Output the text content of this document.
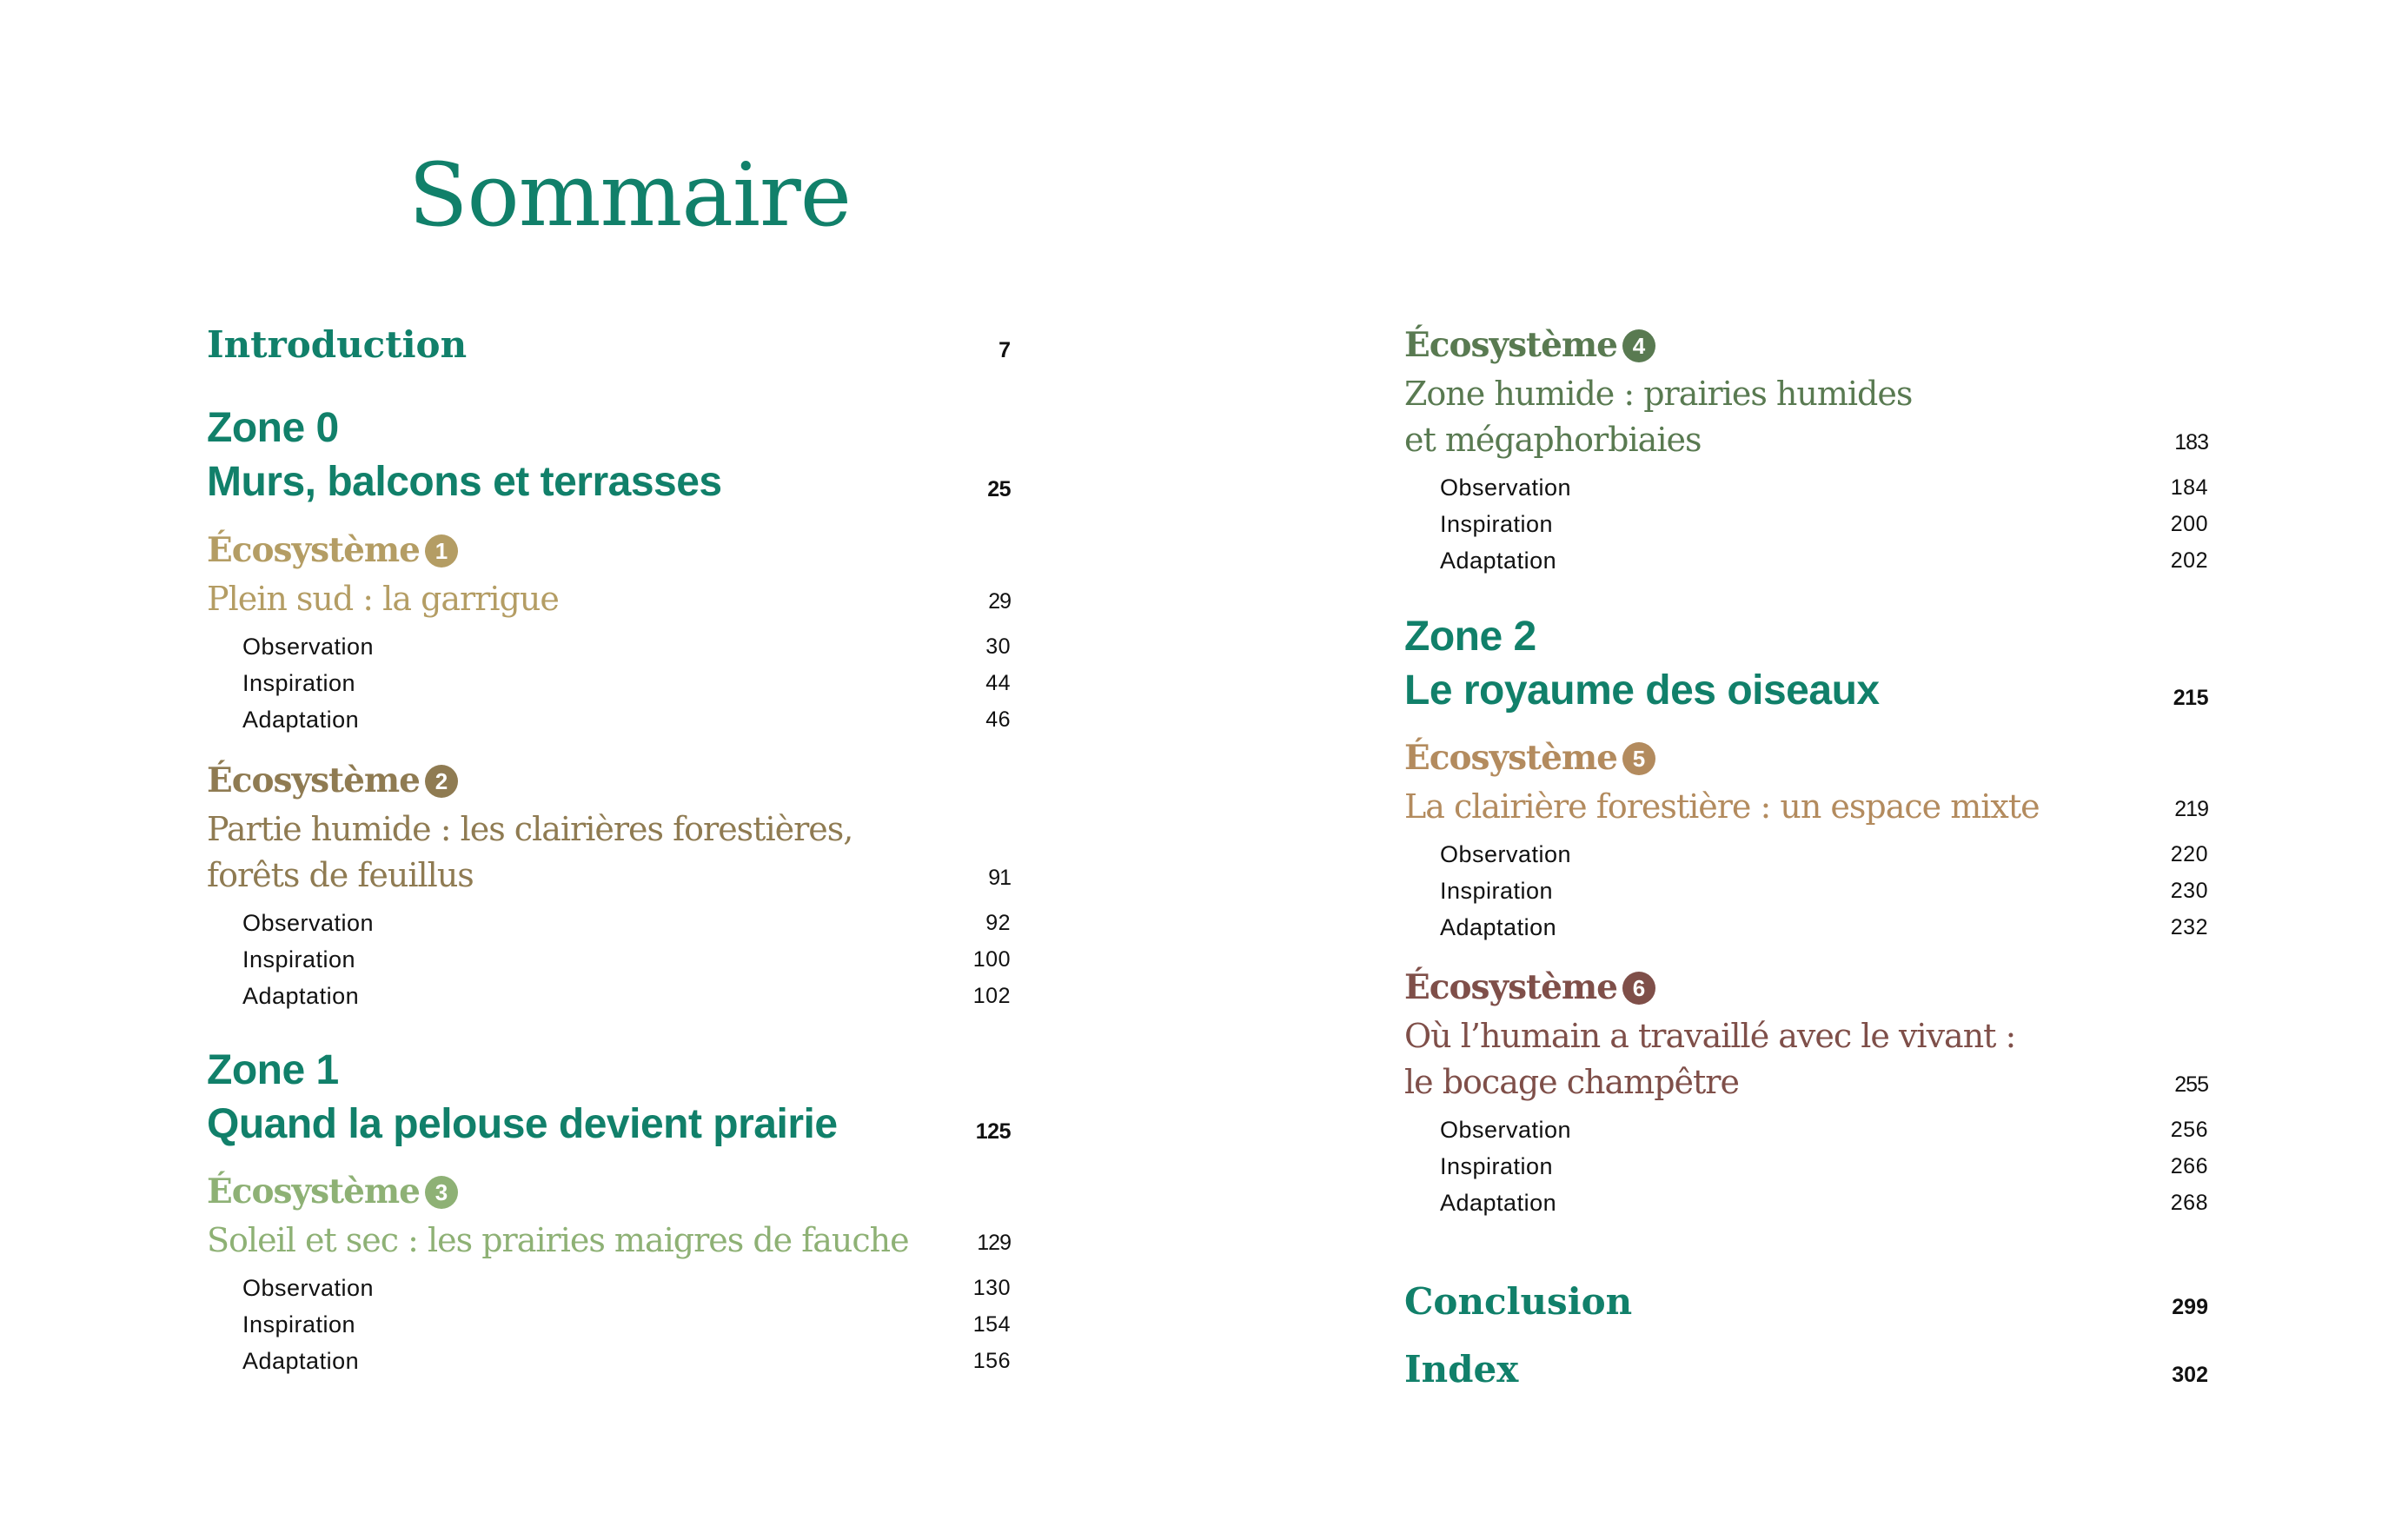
Sommaire
Introduction	7
Zone 0
Murs, balcons et terrasses	25
Écosystème 1
Plein sud : la garrigue	29
Observation	30
Inspiration	44
Adaptation	46
Écosystème 2
Partie humide : les clairières forestières,
forêts de feuillus	91
Observation	92
Inspiration	100
Adaptation	102
Zone 1
Quand la pelouse devient prairie	125
Écosystème 3
Soleil et sec : les prairies maigres de fauche	129
Observation	130
Inspiration	154
Adaptation	156
Écosystème 4
Zone humide : prairies humides
et mégaphorbiaies	183
Observation	184
Inspiration	200
Adaptation	202
Zone 2
Le royaume des oiseaux	215
Écosystème 5
La clairière forestière : un espace mixte	219
Observation	220
Inspiration	230
Adaptation	232
Écosystème 6
Où l’humain a travaillé avec le vivant :
le bocage champêtre	255
Observation	256
Inspiration	266
Adaptation	268
Conclusion	299
Index	302
